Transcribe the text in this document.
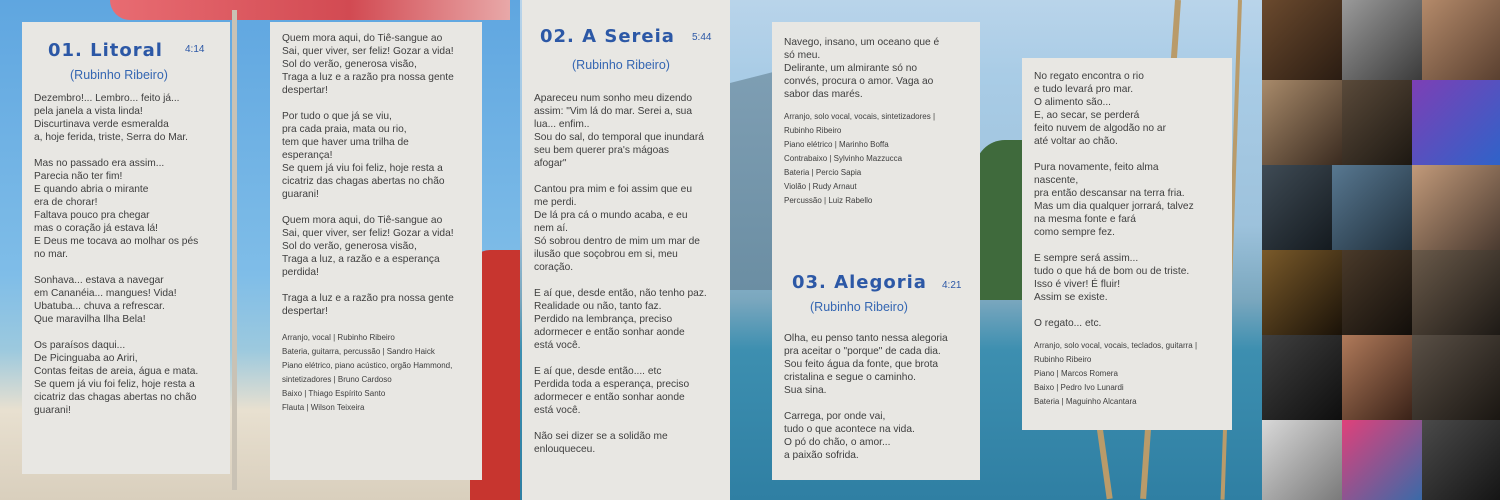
01. Litoral 4:14
(Rubinho Ribeiro)
Dezembro!... Lembro... feito já...
pela janela a vista linda!
Discurtinava verde esmeralda
a, hoje ferida, triste, Serra do Mar.
Mas no passado era assim...
Parecia não ter fim!
E quando abria o mirante
era de chorar!
Faltava pouco pra chegar
mas o coração já estava lá!
E Deus me tocava ao molhar os pés
no mar.
Sonhava... estava a navegar
em Cananéia... mangues! Vida!
Ubatuba... chuva a refrescar.
Que maravilha Ilha Bela!
Os paraísos daqui...
De Picinguaba ao Ariri,
Contas feitas de areia, água e mata.
Se quem já viu foi feliz, hoje resta a
cicatriz das chagas abertas no chão
guarani!
Quem mora aqui, do Tiê-sangue ao
Sai, quer viver, ser feliz! Gozar a vida!
Sol do verão, generosa visão,
Traga a luz e a razão pra nossa gente
despertar!
Por tudo o que já se viu,
pra cada praia, mata ou rio,
tem que haver uma trilha de
esperança!
Se quem já viu foi feliz, hoje resta a
cicatriz das chagas abertas no chão
guarani!
Quem mora aqui, do Tiê-sangue ao
Sai, quer viver, ser feliz! Gozar a vida!
Sol do verão, generosa visão,
Traga a luz, a razão e a esperança
perdida!
Traga a luz e a razão pra nossa gente
despertar!
Arranjo, vocal | Rubinho Ribeiro
Bateria, guitarra, percussão | Sandro Haick
Piano elétrico, piano acústico, orgão Hammond,
sintetizadores | Bruno Cardoso
Baixo | Thiago Espírito Santo
Flauta | Wilson Teixeira
02. A Sereia 5:44
(Rubinho Ribeiro)
Apareceu num sonho meu dizendo
assim: "Vim lá do mar. Serei a, sua
lua... enfim..
Sou do sal, do temporal que inundará
seu bem querer pra's mágoas
afogar"
Cantou pra mim e foi assim que eu
me perdi.
De lá pra cá o mundo acaba, e eu
nem aí.
Só sobrou dentro de mim um mar de
ilusão que soçobrou em si, meu
coração.
E aí que, desde então, não tenho paz.
Realidade ou não, tanto faz.
Perdido na lembrança, preciso
adormecer e então sonhar aonde
está você.
E aí que, desde então.... etc
Perdida toda a esperança, preciso
adormecer e então sonhar aonde
está você.
Não sei dizer se a solidão me
enlouqueceu.
Navego, insano, um oceano que é
só meu.
Delirante, um almirante só no
convés, procura o amor. Vaga ao
sabor das marés.
Arranjo, solo vocal, vocais, sintetizadores |
Rubinho Ribeiro
Piano elétrico | Marinho Boffa
Contrabaixo | Sylvinho Mazzucca
Bateria | Percio Sapia
Violão | Rudy Arnaut
Percussão | Luiz Rabello
03. Alegoria 4:21
(Rubinho Ribeiro)
Olha, eu penso tanto nessa alegoria
pra aceitar o "porque" de cada dia.
Sou feito água da fonte, que brota
cristalina e segue o caminho.
Sua sina.
Carrega, por onde vai,
tudo o que acontece na vida.
O pó do chão, o amor...
a paixão sofrida.
No regato encontra o rio
e tudo levará pro mar.
O alimento são...
E, ao secar, se perderá
feito nuvem de algodão no ar
até voltar ao chão.
Pura novamente, feito alma
nascente,
pra então descansar na terra fria.
Mas um dia qualquer jorrará, talvez
na mesma fonte e fará
como sempre fez.
E sempre será assim...
tudo o que há de bom ou de triste.
Isso é viver! É fluir!
Assim se existe.
O regato... etc.
Arranjo, solo vocal, vocais, teclados, guitarra |
Rubinho Ribeiro
Piano | Marcos Romera
Baixo | Pedro Ivo Lunardi
Bateria | Maguinho Alcantara
